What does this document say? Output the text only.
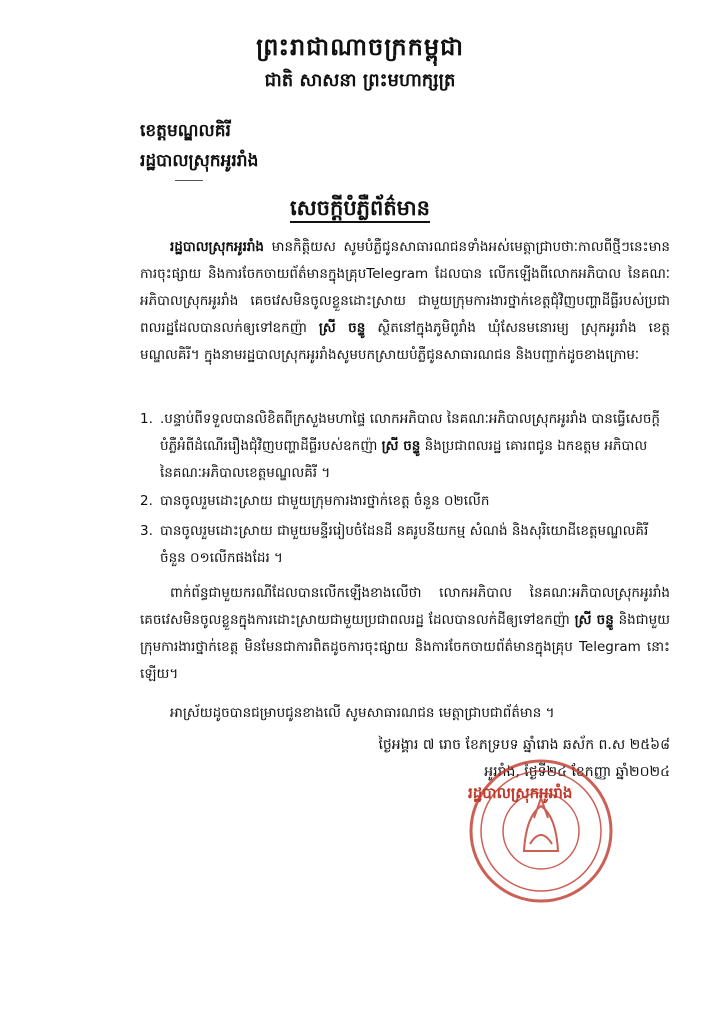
ព្រះរាជាណាចក្រកម្ពុជា
ជាតិ សាសនា ព្រះមហាក្សត្រ
ខេត្តមណ្ឌលគិរី
រដ្ឋបាលស្រុកអូររាំង
សេចក្តីបំភ្លឺព័ត៌មាន
រដ្ឋបាលស្រុកអូររាំង មានកិត្តិយស សូមបំភ្លឺជូនសាធារណជនទាំងអស់មេត្តាជ្រាបថាៈកាលពីថ្មីៗនេះមានការចុះផ្សាយ និងការចែកចាយព័ត៌មានក្នុងគ្រុបTelegram ដែលបាន លើកឡើងពីលោកអភិបាល នៃគណៈអភិបាលស្រុកអូររាំង គេចវេសមិនចូលខ្លួនដោះស្រាយ ជាមួយក្រុមការងារថ្នាក់ខេត្តជុំវិញបញ្ហាដីធ្លីរបស់ប្រជាពលរដ្ឋដែលបានលក់ឲ្យទៅឧកញ៉ា ស្រី ចន្ទូ ស្ថិតនៅក្នុងភូមិពូរាំង ឃុំសែនមនោរម្យ ស្រុកអូររាំង ខេត្តមណ្ឌលគិរី។ ក្នុងនាមរដ្ឋបាលស្រុកអូររាំងសូមបកស្រាយបំភ្លឺជូនសាធារណជន និងបញ្ជាក់ដូចខាងក្រោមៈ
1. .បន្ទាប់ពីទទួលបានលិខិតពីក្រសួងមហាផ្ទៃ លោកអភិបាល នៃគណៈអភិបាលស្រុកអូររាំង បានធ្វើសេចក្តីបំភ្លឺអំពីដំណើររឿងជុំវិញបញ្ហាដីធ្លីរបស់ឧកញ៉ា ស្រី ចន្ទូ និងប្រជាពលរដ្ឋ គោរពជូន ឯកឧត្តម អភិបាល នៃគណៈអភិបាលខេត្តមណ្ឌលគិរី ។
2. បានចូលរួមដោះស្រាយ ជាមួយក្រុមការងារថ្នាក់ខេត្ត ចំនួន ០២លើក
3. បានចូលរួមដោះស្រាយ ជាមួយមន្ទីររៀបចំដែនដី នគរូបនីយកម្ម សំណង់ និងសុរិយោដីខេត្តមណ្ឌលគិរីចំនួន ០១លើកផងដែរ ។
ពាក់ព័ន្ធជាមួយករណីដែលបានលើកឡើងខាងលើថា លោកអភិបាល នៃគណៈអភិបាលស្រុកអូររាំង គេចវេសមិនចូលខ្លួនក្នុងការដោះស្រាយជាមួយប្រជាពលរដ្ឋ ដែលបានលក់ដីឲ្យទៅឧកញ៉ា ស្រី ចន្ទូ និងជាមួយក្រុមការងារថ្នាក់ខេត្ត មិនមែនជាការពិតដូចការចុះផ្សាយ និងការចែកចាយព័ត៌មានក្នុងគ្រុប Telegram នោះឡើយ។
អាស្រ័យដូចបានជម្រាបជូនខាងលើ សូមសាធារណជន មេត្តាជ្រាបជាព័ត៌មាន ។
ថ្ងៃអង្គារ ៧ រោច ខែភទ្របទ ឆ្នាំរោង ឆស័ក ព.ស ២៥៦៨
អូររាំង, ថ្ងៃទី២៤ ខែកញ្ញា ឆ្នាំ២០២៤
រដ្ឋបាលស្រុកអូររាំង
